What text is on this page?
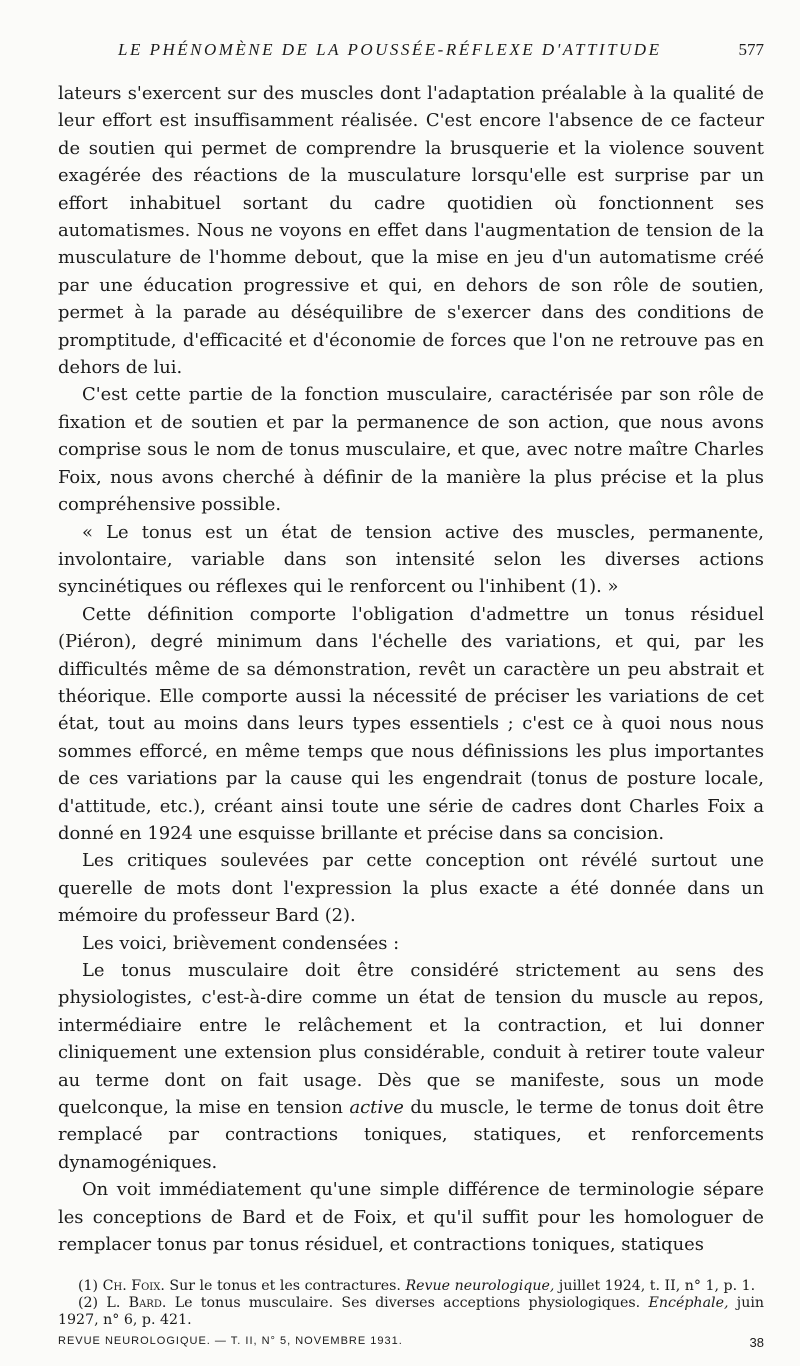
LE PHÉNOMÈNE DE LA POUSSÉE-RÉFLEXE D'ATTITUDE	577

lateurs s'exercent sur des muscles dont l'adaptation préalable à la qualité de leur effort est insuffisamment réalisée. C'est encore l'absence de ce facteur de soutien qui permet de comprendre la brusquerie et la violence souvent exagérée des réactions de la musculature lorsqu'elle est surprise par un effort inhabituel sortant du cadre quotidien où fonctionnent ses automatismes. Nous ne voyons en effet dans l'augmentation de tension de la musculature de l'homme debout, que la mise en jeu d'un automatisme créé par une éducation progressive et qui, en dehors de son rôle de soutien, permet à la parade au déséquilibre de s'exercer dans des conditions de promptitude, d'efficacité et d'économie de forces que l'on ne retrouve pas en dehors de lui.

C'est cette partie de la fonction musculaire, caractérisée par son rôle de fixation et de soutien et par la permanence de son action, que nous avons comprise sous le nom de tonus musculaire, et que, avec notre maître Charles Foix, nous avons cherché à définir de la manière la plus précise et la plus compréhensive possible.

« Le tonus est un état de tension active des muscles, permanente, involontaire, variable dans son intensité selon les diverses actions syncinétiques ou réflexes qui le renforcent ou l'inhibent (1). »

Cette définition comporte l'obligation d'admettre un tonus résiduel (Piéron), degré minimum dans l'échelle des variations, et qui, par les difficultés même de sa démonstration, revêt un caractère un peu abstrait et théorique. Elle comporte aussi la nécessité de préciser les variations de cet état, tout au moins dans leurs types essentiels ; c'est ce à quoi nous nous sommes efforcé, en même temps que nous définissions les plus importantes de ces variations par la cause qui les engendrait (tonus de posture locale, d'attitude, etc.), créant ainsi toute une série de cadres dont Charles Foix a donné en 1924 une esquisse brillante et précise dans sa concision.

Les critiques soulevées par cette conception ont révélé surtout une querelle de mots dont l'expression la plus exacte a été donnée dans un mémoire du professeur Bard (2).

Les voici, brièvement condensées :

Le tonus musculaire doit être considéré strictement au sens des physiologistes, c'est-à-dire comme un état de tension du muscle au repos, intermédiaire entre le relâchement et la contraction, et lui donner cliniquement une extension plus considérable, conduit à retirer toute valeur au terme dont on fait usage. Dès que se manifeste, sous un mode quelconque, la mise en tension active du muscle, le terme de tonus doit être remplacé par contractions toniques, statiques, et renforcements dynamogéniques.

On voit immédiatement qu'une simple différence de terminologie sépare les conceptions de Bard et de Foix, et qu'il suffit pour les homologuer de remplacer tonus par tonus résiduel, et contractions toniques, statiques

(1) Ch. Foix. Sur le tonus et les contractures. Revue neurologique, juillet 1924, t. II, n° 1, p. 1.

(2) L. Bard. Le tonus musculaire. Ses diverses acceptions physiologiques. Encéphale, juin 1927, n° 6, p. 421.

REVUE NEUROLOGIQUE. — T. II, N° 5, NOVEMBRE 1931.	38
